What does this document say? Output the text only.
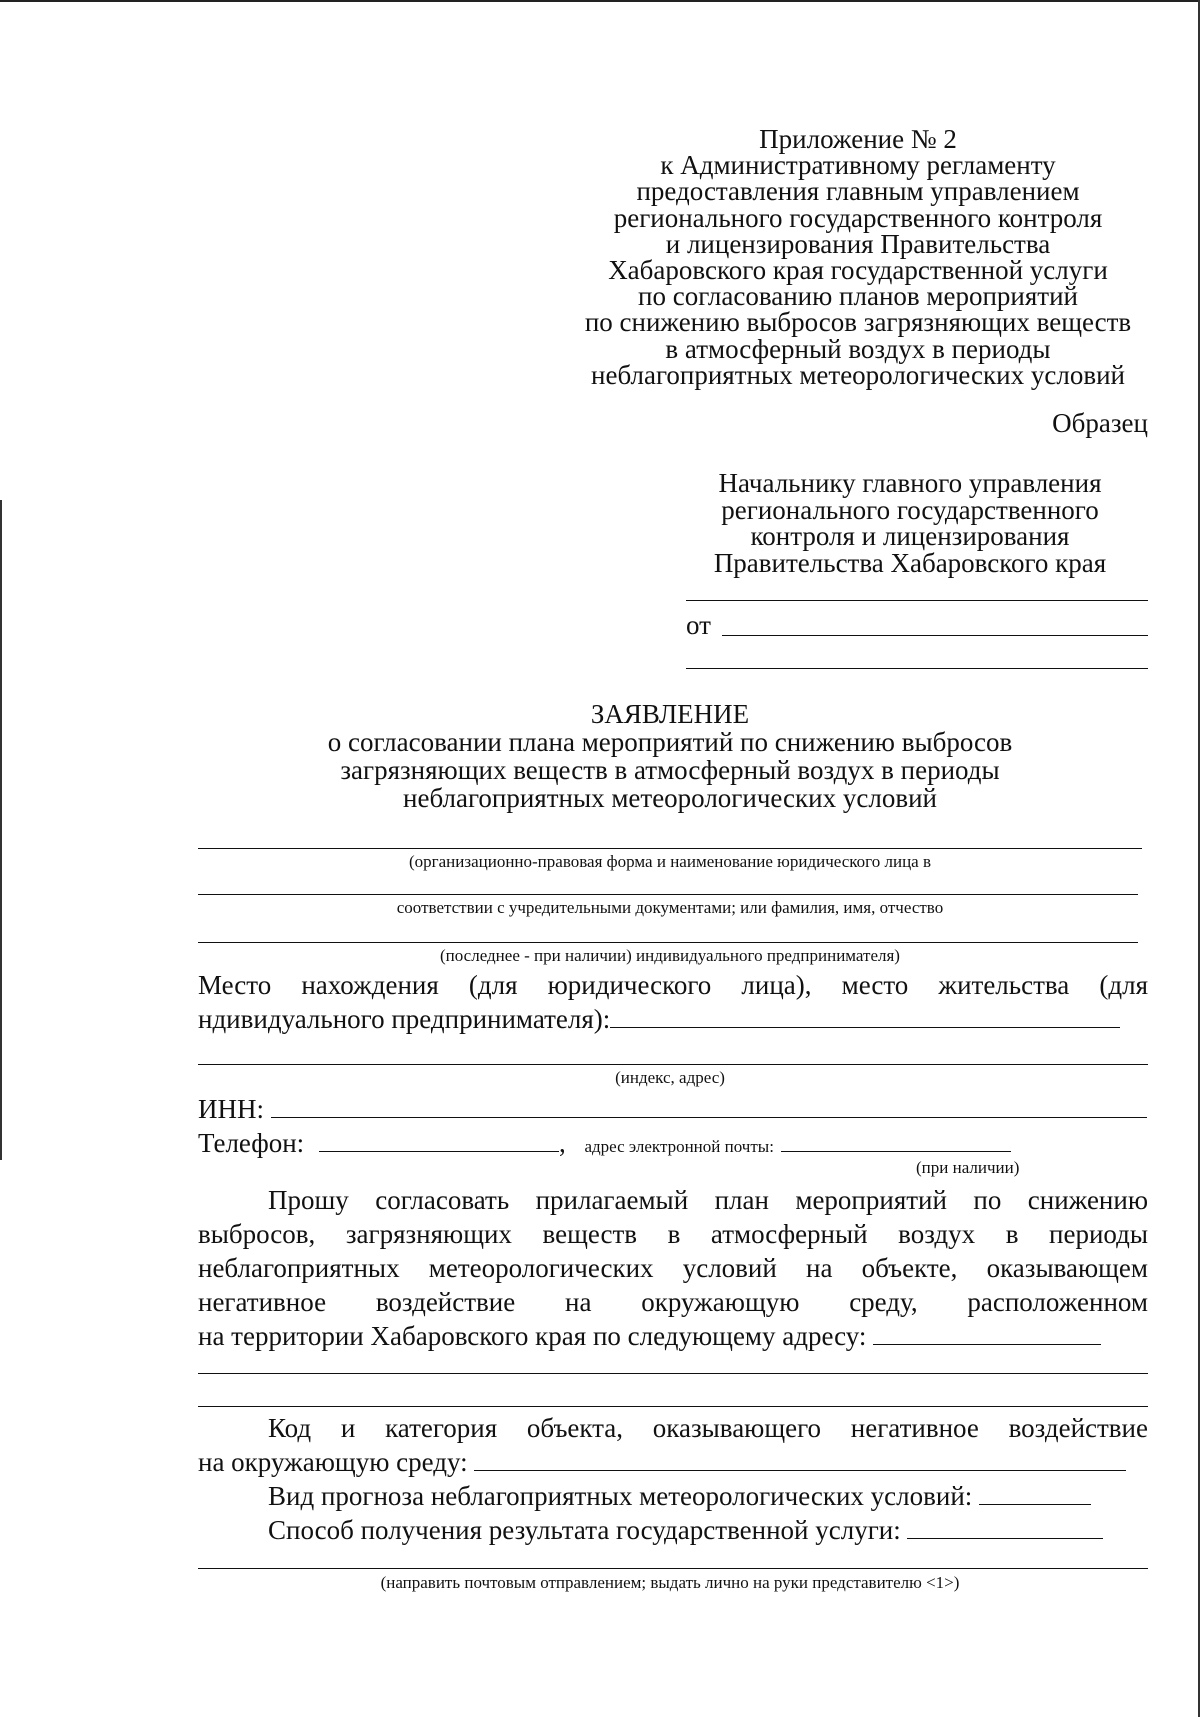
Приложение № 2
к Административному регламенту
предоставления главным управлением
регионального государственного контроля
и лицензирования Правительства
Хабаровского края государственной услуги
по согласованию планов мероприятий
по снижению выбросов загрязняющих веществ
в атмосферный воздух в периоды
неблагоприятных метеорологических условий
Образец
Начальнику главного управления
регионального государственного
контроля и лицензирования
Правительства Хабаровского края
от
ЗАЯВЛЕНИЕ
о согласовании плана мероприятий по снижению выбросов
загрязняющих веществ в атмосферный воздух в периоды
неблагоприятных метеорологических условий
(организационно-правовая форма и наименование юридического лица в
соответствии с учредительными документами; или фамилия, имя, отчество
(последнее - при наличии) индивидуального предпринимателя)
Место нахождения (для юридического лица), место жительства (для
ндивидуального предпринимателя):
(индекс, адрес)
ИНН:
Телефон:	, адрес электронной почты:
(при наличии)
Прошу согласовать прилагаемый план мероприятий по снижению
выбросов, загрязняющих веществ в атмосферный воздух в периоды
неблагоприятных метеорологических условий на объекте, оказывающем
негативное воздействие на окружающую среду, расположенном
на территории Хабаровского края по следующему адресу:
Код и категория объекта, оказывающего негативное воздействие
на окружающую среду:
Вид прогноза неблагоприятных метеорологических условий:
Способ получения результата государственной услуги:
(направить почтовым отправлением; выдать лично на руки представителю <1>)
